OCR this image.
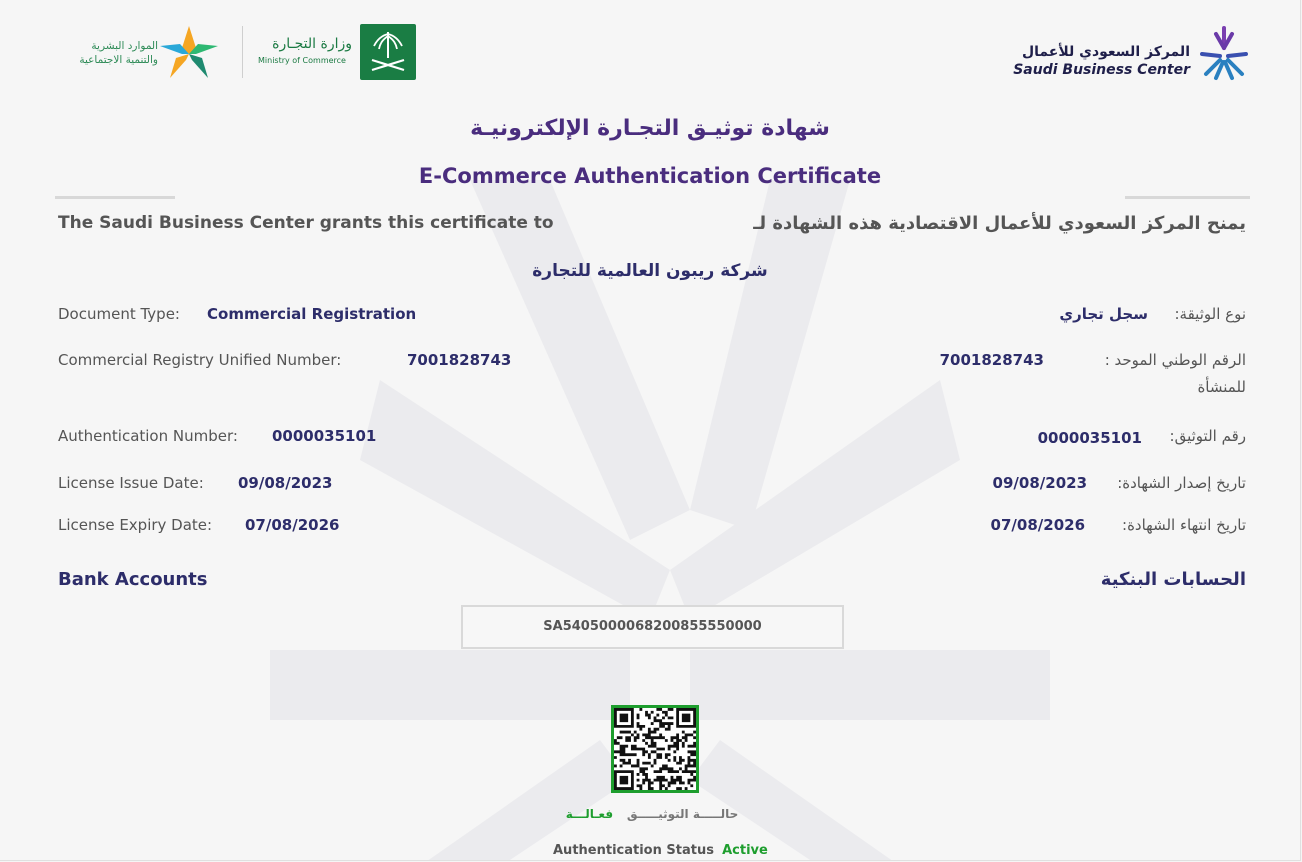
الموارد البشرية
والتنمية الاجتماعية
وزارة التجـارة
Ministry of Commerce
المركز السعودي للأعمال
Saudi Business Center
شهادة توثيـق التجـارة الإلكترونيـة
E-Commerce Authentication Certificate
The Saudi Business Center grants this certificate to	يمنح المركز السعودي للأعمال الاقتصادية هذه الشهادة لـ
شركة ريبون العالمية للتجارة
Document Type: Commercial Registration
Commercial Registry Unified Number:	7001828743
Authentication Number: 0000035101
License Issue Date: 09/08/2023
License Expiry Date: 07/08/2026
نوع الوثيقة:
سجل تجاري
الرقم الوطني الموحد :
للمنشأة
7001828743
رقم التوثيق:
0000035101
تاريخ إصدار الشهادة:
09/08/2023
تاريخ انتهاء الشهادة:
07/08/2026
Bank Accounts	الحسابات البنكية
SA5405000068200855550000
حالـــــة التوثيـــــق فعـالـــة
Authentication Status Active
